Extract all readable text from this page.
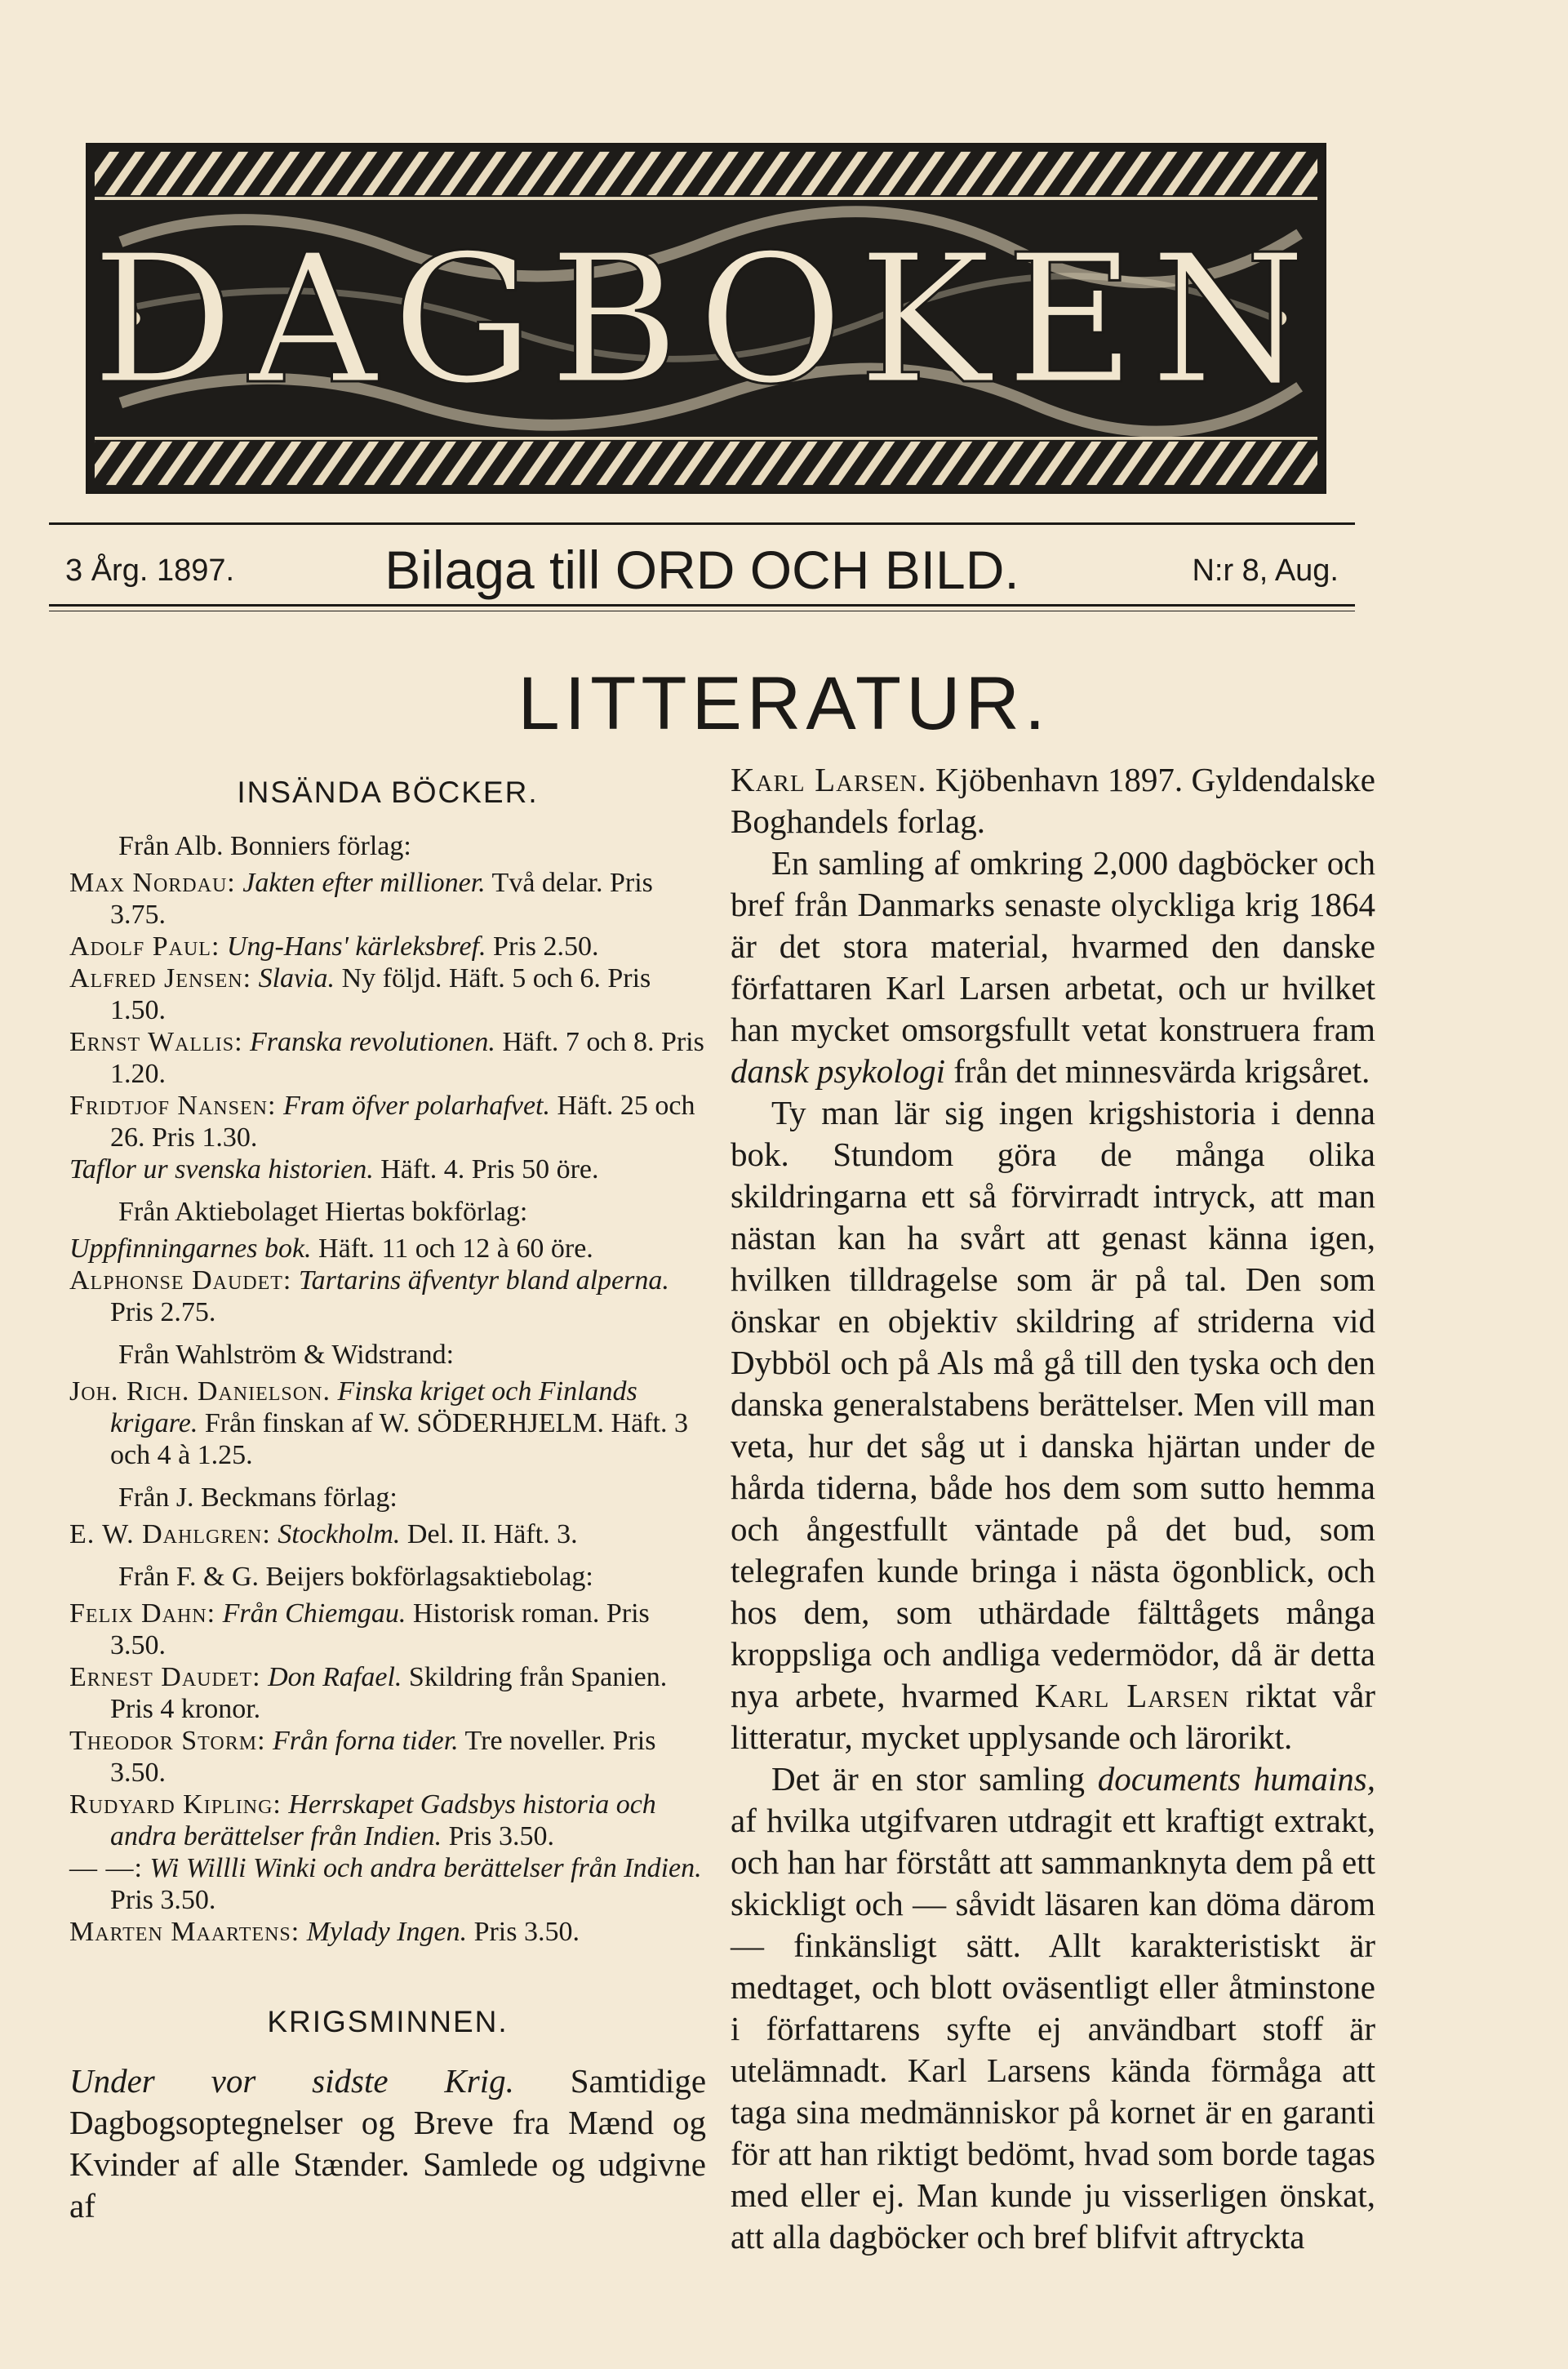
DAGBOKEN
3 Årg. 1897.	Bilaga till ORD OCH BILD.	N:r 8, Aug.
LITTERATUR.
INSÄNDA BÖCKER.
Från Alb. Bonniers förlag:

Max Nordau: Jakten efter millioner. Två delar. Pris 3.75.

Adolf Paul: Ung-Hans' kärleksbref. Pris 2.50.

Alfred Jensen: Slavia. Ny följd. Häft. 5 och 6. Pris 1.50.

Ernst Wallis: Franska revolutionen. Häft. 7 och 8. Pris 1.20.

Fridtjof Nansen: Fram öfver polarhafvet. Häft. 25 och 26. Pris 1.30.

Taflor ur svenska historien. Häft. 4. Pris 50 öre.

Från Aktiebolaget Hiertas bokförlag:

Uppfinningarnes bok. Häft. 11 och 12 à 60 öre.

Alphonse Daudet: Tartarins äfventyr bland alperna. Pris 2.75.

Från Wahlström & Widstrand:

Joh. Rich. Danielson. Finska kriget och Finlands krigare. Från finskan af W. SÖDERHJELM. Häft. 3 och 4 à 1.25.

Från J. Beckmans förlag:

E. W. Dahlgren: Stockholm. Del. II. Häft. 3.

Från F. & G. Beijers bokförlagsaktiebolag:

Felix Dahn: Från Chiemgau. Historisk roman. Pris 3.50.

Ernest Daudet: Don Rafael. Skildring från Spanien. Pris 4 kronor.

Theodor Storm: Från forna tider. Tre noveller. Pris 3.50.

Rudyard Kipling: Herrskapet Gadsbys historia och andra berättelser från Indien. Pris 3.50.

— —: Wi Willli Winki och andra berättelser från Indien. Pris 3.50.

Marten Maartens: Mylady Ingen. Pris 3.50.

KRIGSMINNEN.

Under vor sidste Krig. Samtidige Dagbogsoptegnelser og Breve fra Mænd og Kvinder af alle Stænder. Samlede og udgivne af

Karl Larsen. Kjöbenhavn 1897. Gyldendalske Boghandels forlag.

En samling af omkring 2,000 dagböcker och bref från Danmarks senaste olyckliga krig 1864 är det stora material, hvarmed den danske författaren Karl Larsen arbetat, och ur hvilket han mycket omsorgsfullt vetat konstruera fram dansk psykologi från det minnesvärda krigsåret.

Ty man lär sig ingen krigshistoria i denna bok. Stundom göra de många olika skildringarna ett så förvirradt intryck, att man nästan kan ha svårt att genast känna igen, hvilken tilldragelse som är på tal. Den som önskar en objektiv skildring af striderna vid Dybböl och på Als må gå till den tyska och den danska generalstabens berättelser. Men vill man veta, hur det såg ut i danska hjärtan under de hårda tiderna, både hos dem som sutto hemma och ångestfullt väntade på det bud, som telegrafen kunde bringa i nästa ögonblick, och hos dem, som uthärdade fälttågets många kroppsliga och andliga vedermödor, då är detta nya arbete, hvarmed Karl Larsen riktat vår litteratur, mycket upplysande och lärorikt.

Det är en stor samling documents humains, af hvilka utgifvaren utdragit ett kraftigt extrakt, och han har förstått att sammanknyta dem på ett skickligt och — såvidt läsaren kan döma därom — finkänsligt sätt. Allt karakteristiskt är medtaget, och blott oväsentligt eller åtminstone i författarens syfte ej användbart stoff är utelämnadt. Karl Larsens kända förmåga att taga sina medmänniskor på kornet är en garanti för att han riktigt bedömt, hvad som borde tagas med eller ej. Man kunde ju visserligen önskat, att alla dagböcker och bref blifvit aftryckta
